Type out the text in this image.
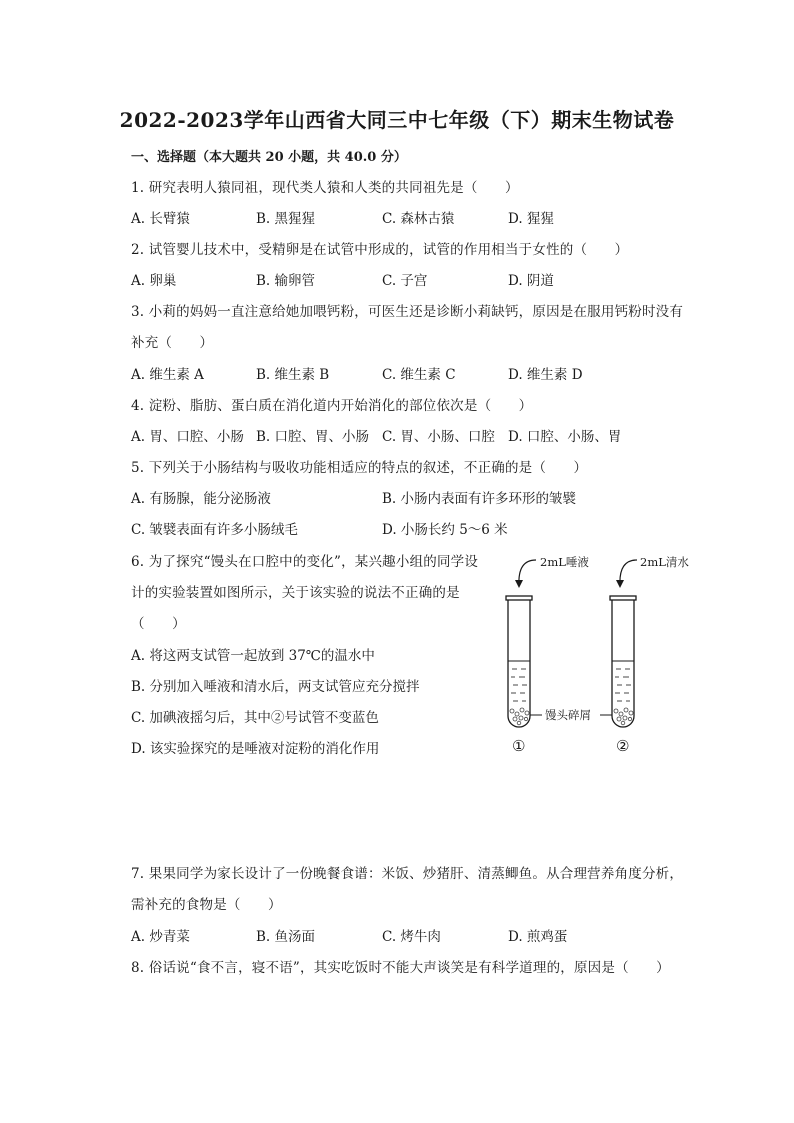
2022-2023学年山西省大同三中七年级（下）期末生物试卷
一、选择题（本大题共 20 小题，共 40.0 分）
1. 研究表明人猿同祖，现代类人猿和人类的共同祖先是（　　）
A. 长臂猿	B. 黑猩猩	C. 森林古猿	D. 猩猩
2. 试管婴儿技术中，受精卵是在试管中形成的，试管的作用相当于女性的（　　）
A. 卵巢	B. 输卵管	C. 子宫	D. 阴道
3. 小莉的妈妈一直注意给她加喂钙粉，可医生还是诊断小莉缺钙，原因是在服用钙粉时没有
补充（　　）
A. 维生素 A	B. 维生素 B	C. 维生素 C	D. 维生素 D
4. 淀粉、脂肪、蛋白质在消化道内开始消化的部位依次是（　　）
A. 胃、口腔、小肠 B. 口腔、胃、小肠 C. 胃、小肠、口腔 D. 口腔、小肠、胃
5. 下列关于小肠结构与吸收功能相适应的特点的叙述，不正确的是（　　）
A. 有肠腺，能分泌肠液	B. 小肠内表面有许多环形的皱襞
C. 皱襞表面有许多小肠绒毛	D. 小肠长约 5～6 米
6. 为了探究“馒头在口腔中的变化”，某兴趣小组的同学设
计的实验装置如图所示，关于该实验的说法不正确的是
（　　）
A. 将这两支试管一起放到 37℃的温水中
B. 分别加入唾液和清水后，两支试管应充分搅拌
C. 加碘液摇匀后，其中②号试管不变蓝色
D. 该实验探究的是唾液对淀粉的消化作用
2mL唾液	2mL清水
馒头碎屑
①	②
7. 果果同学为家长设计了一份晚餐食谱：米饭、炒猪肝、清蒸鲫鱼。从合理营养角度分析，
需补充的食物是（　　）
A. 炒青菜	B. 鱼汤面	C. 烤牛肉	D. 煎鸡蛋
8. 俗话说“食不言，寝不语”，其实吃饭时不能大声谈笑是有科学道理的，原因是（　　）
